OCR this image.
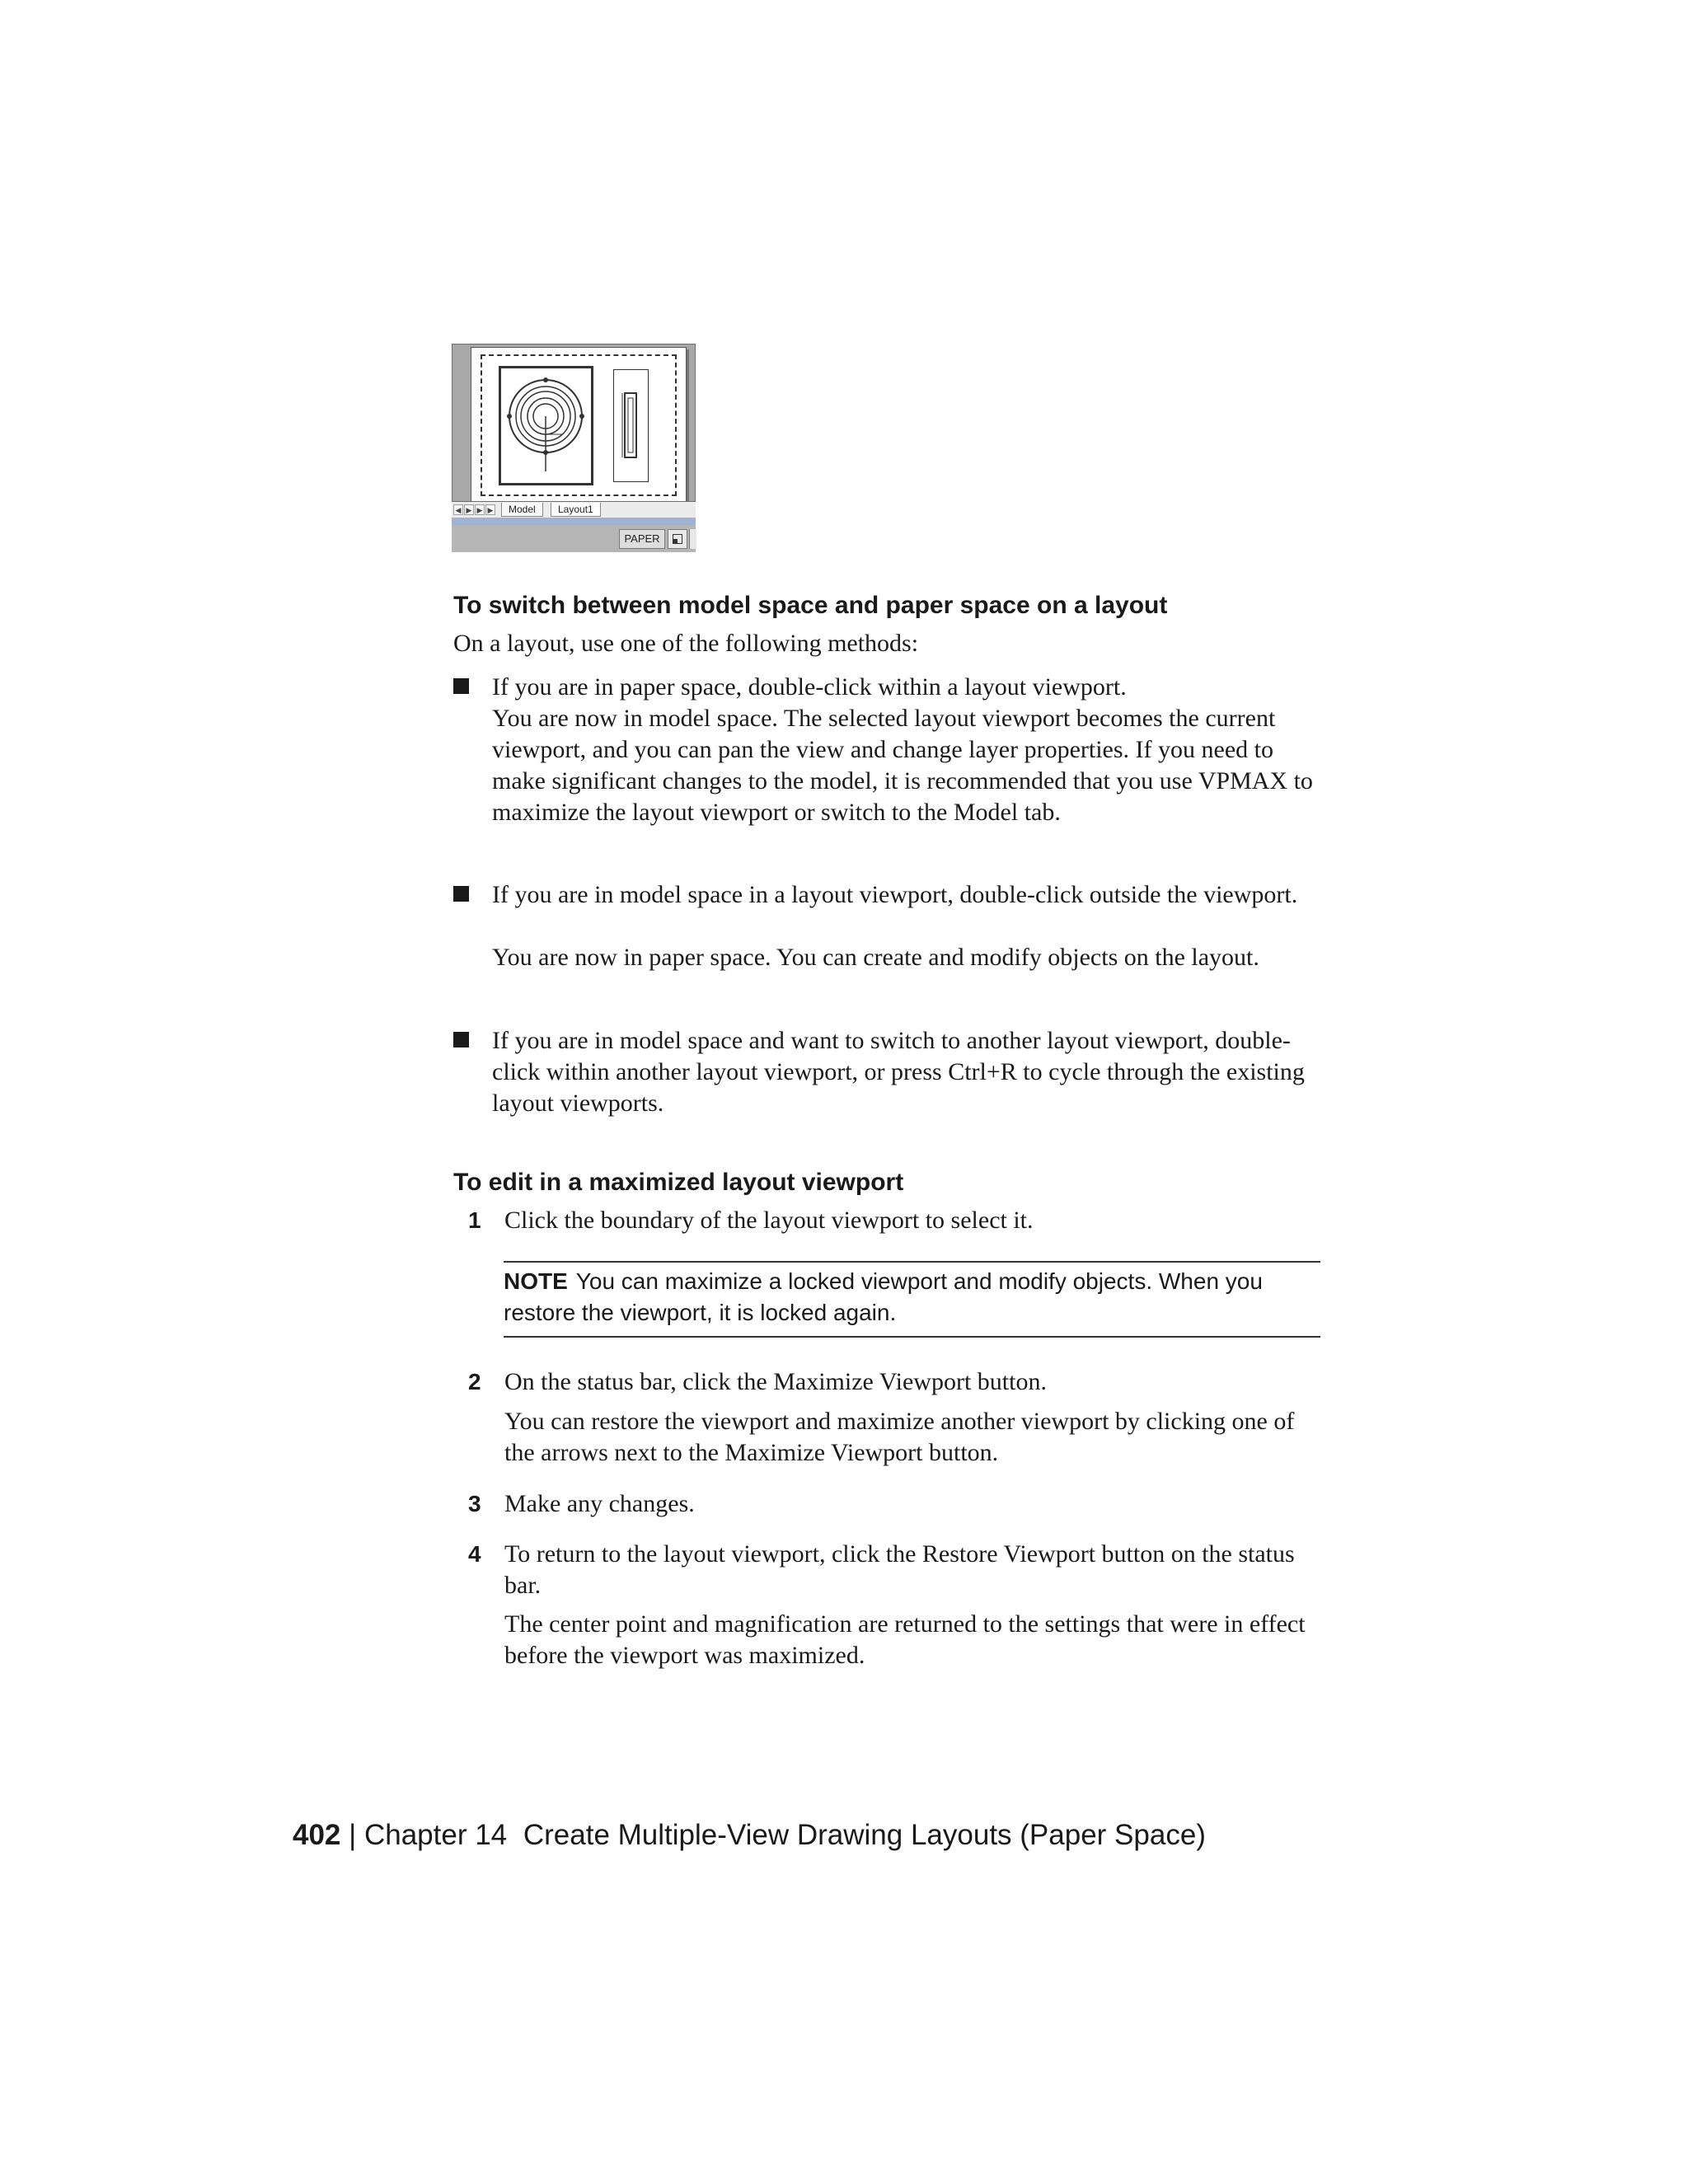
◀ ▶ ▶ ▶	Model	Layout1
PAPER
To switch between model space and paper space on a layout
On a layout, use one of the following methods:
If you are in paper space, double-click within a layout viewport.
You are now in model space. The selected layout viewport becomes the current viewport, and you can pan the view and change layer properties. If you need to make significant changes to the model, it is recommended that you use VPMAX to maximize the layout viewport or switch to the Model tab.
If you are in model space in a layout viewport, double-click outside the viewport.
You are now in paper space. You can create and modify objects on the layout.
If you are in model space and want to switch to another layout viewport, double-click within another layout viewport, or press Ctrl+R to cycle through the existing layout viewports.
To edit in a maximized layout viewport
1 Click the boundary of the layout viewport to select it.
NOTE You can maximize a locked viewport and modify objects. When you restore the viewport, it is locked again.
2 On the status bar, click the Maximize Viewport button.
You can restore the viewport and maximize another viewport by clicking one of the arrows next to the Maximize Viewport button.
3 Make any changes.
4 To return to the layout viewport, click the Restore Viewport button on the status bar.
The center point and magnification are returned to the settings that were in effect before the viewport was maximized.
402 | Chapter 14 Create Multiple-View Drawing Layouts (Paper Space)
